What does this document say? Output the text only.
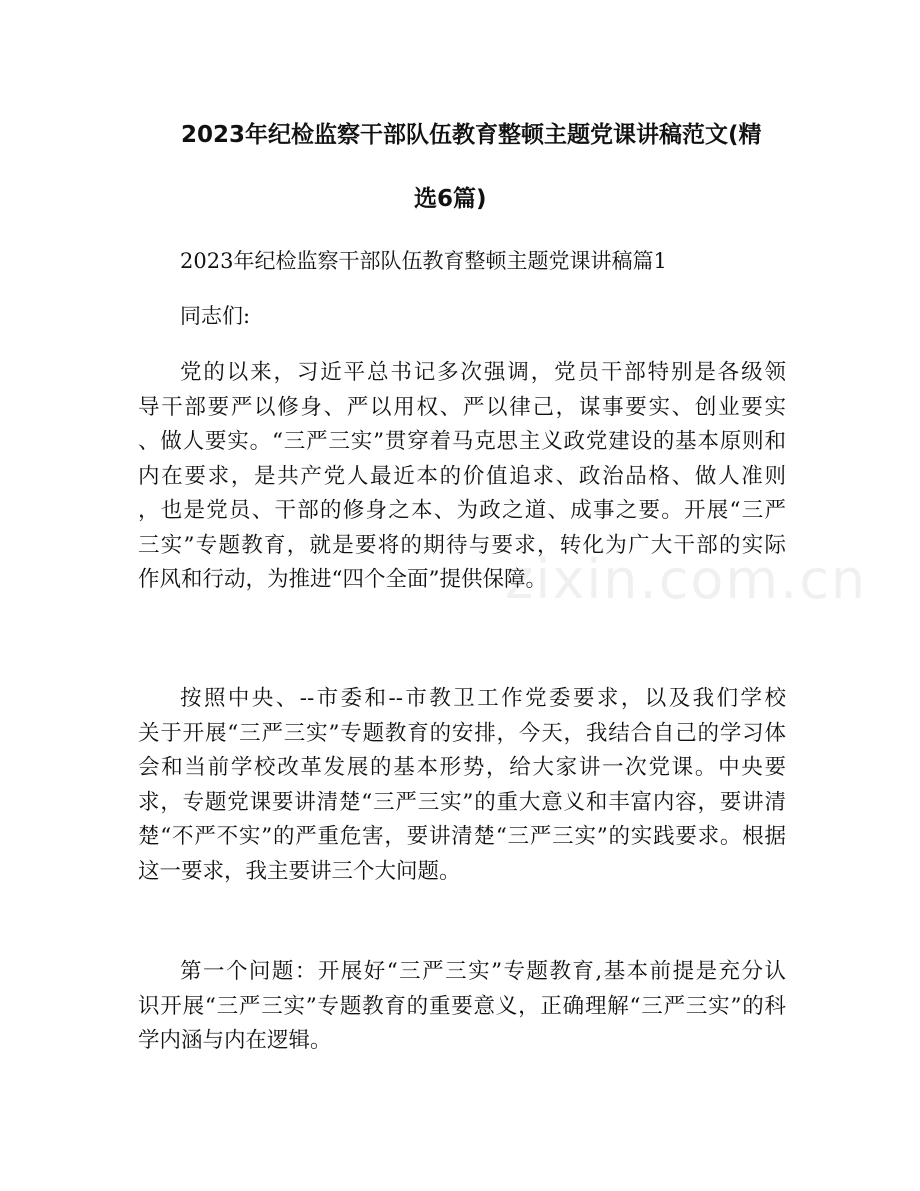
zixin.com.cn
2023年纪检监察干部队伍教育整顿主题党课讲稿范文(精
选6篇)
2023年纪检监察干部队伍教育整顿主题党课讲稿篇1
同志们:
党的以来，习近平总书记多次强调，党员干部特别是各级领
导干部要严以修身、严以用权、严以律己，谋事要实、创业要实
、做人要实。“三严三实”贯穿着马克思主义政党建设的基本原则和
内在要求，是共产党人最近本的价值追求、政治品格、做人准则
，也是党员、干部的修身之本、为政之道、成事之要。开展“三严
三实”专题教育，就是要将的期待与要求，转化为广大干部的实际
作风和行动，为推进“四个全面”提供保障。
按照中央、--市委和--市教卫工作党委要求，以及我们学校
关于开展“三严三实”专题教育的安排，今天，我结合自己的学习体
会和当前学校改革发展的基本形势，给大家讲一次党课。中央要
求，专题党课要讲清楚“三严三实”的重大意义和丰富内容，要讲清
楚“不严不实”的严重危害，要讲清楚“三严三实”的实践要求。根据
这一要求，我主要讲三个大问题。
第一个问题：开展好“三严三实”专题教育,基本前提是充分认
识开展“三严三实”专题教育的重要意义，正确理解“三严三实”的科
学内涵与内在逻辑。
